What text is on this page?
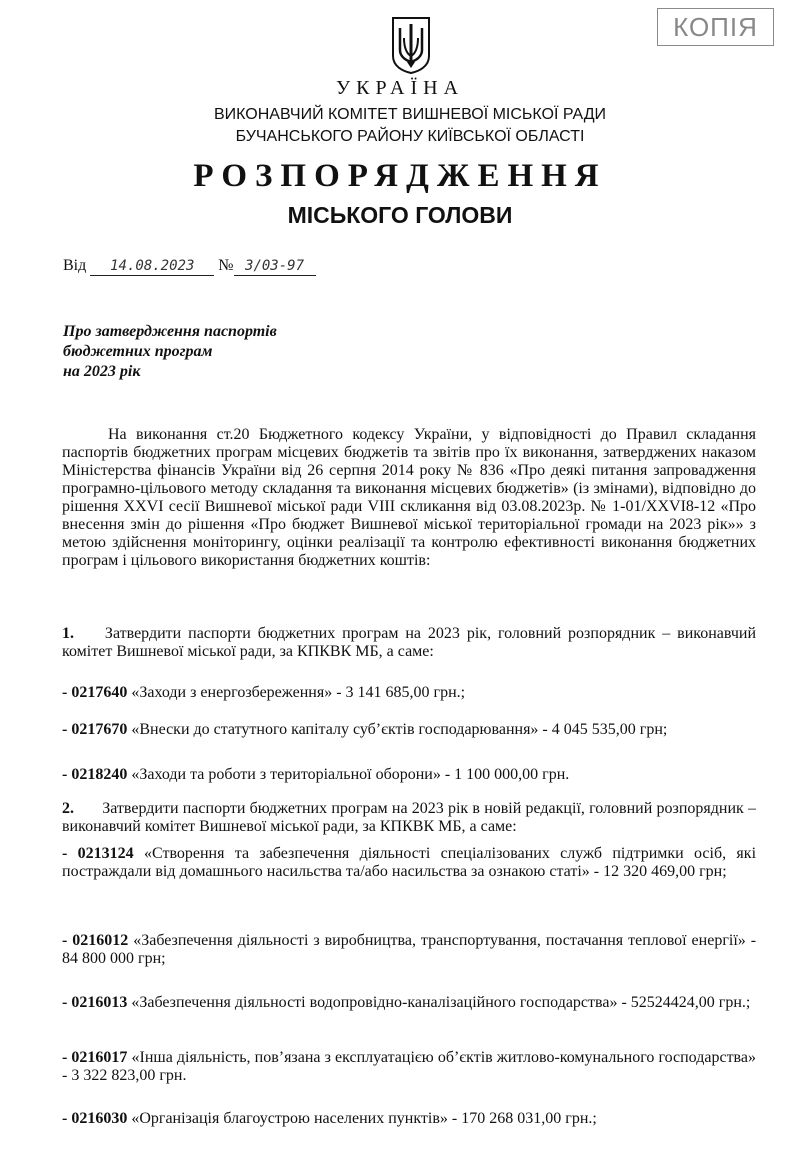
КОПІЯ
УКРАЇНА
ВИКОНАВЧИЙ КОМІТЕТ ВИШНЕВОЇ МІСЬКОЇ РАДИ
БУЧАНСЬКОГО РАЙОНУ КИЇВСЬКОЇ ОБЛАСТІ
РОЗПОРЯДЖЕННЯ
МІСЬКОГО ГОЛОВИ
Від 14.08.2023 № 3/03-97
Про затвердження паспортів
бюджетних програм
на 2023 рік
На виконання ст.20 Бюджетного кодексу України, у відповідності до Правил складання паспортів бюджетних програм місцевих бюджетів та звітів про їх виконання, затверджених наказом Міністерства фінансів України від 26 серпня 2014 року № 836 «Про деякі питання запровадження програмно-цільового методу складання та виконання місцевих бюджетів» (із змінами), відповідно до рішення XXVI сесії Вишневої міської ради VIII скликання від 03.08.2023р. № 1-01/XXVI8-12 «Про внесення змін до рішення «Про бюджет Вишневої міської територіальної громади на 2023 рік»» з метою здійснення моніторингу, оцінки реалізації та контролю ефективності виконання бюджетних програм і цільового використання бюджетних коштів:
1. Затвердити паспорти бюджетних програм на 2023 рік, головний розпорядник – виконавчий комітет Вишневої міської ради, за КПКВК МБ, а саме:
- 0217640 «Заходи з енергозбереження» - 3 141 685,00 грн.;
- 0217670 «Внески до статутного капіталу суб’єктів господарювання» - 4 045 535,00 грн;
- 0218240 «Заходи та роботи з територіальної оборони» - 1 100 000,00 грн.
2. Затвердити паспорти бюджетних програм на 2023 рік в новій редакції, головний розпорядник – виконавчий комітет Вишневої міської ради, за КПКВК МБ, а саме:
- 0213124 «Створення та забезпечення діяльності спеціалізованих служб підтримки осіб, які постраждали від домашнього насильства та/або насильства за ознакою статі» - 12 320 469,00 грн;
- 0216012 «Забезпечення діяльності з виробництва, транспортування, постачання теплової енергії» - 84 800 000 грн;
- 0216013 «Забезпечення діяльності водопровідно-каналізаційного господарства» - 52524424,00 грн.;
- 0216017 «Інша діяльність, пов’язана з експлуатацією об’єктів житлово-комунального господарства» - 3 322 823,00 грн.
- 0216030 «Організація благоустрою населених пунктів» - 170 268 031,00 грн.;
